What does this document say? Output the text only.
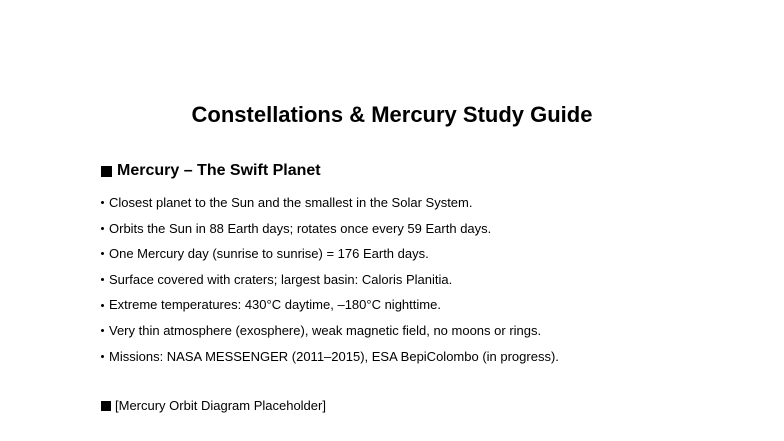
Constellations & Mercury Study Guide
Mercury – The Swift Planet
Closest planet to the Sun and the smallest in the Solar System.
Orbits the Sun in 88 Earth days; rotates once every 59 Earth days.
One Mercury day (sunrise to sunrise) = 176 Earth days.
Surface covered with craters; largest basin: Caloris Planitia.
Extreme temperatures: 430°C daytime, –180°C nighttime.
Very thin atmosphere (exosphere), weak magnetic field, no moons or rings.
Missions: NASA MESSENGER (2011–2015), ESA BepiColombo (in progress).
[Mercury Orbit Diagram Placeholder]
